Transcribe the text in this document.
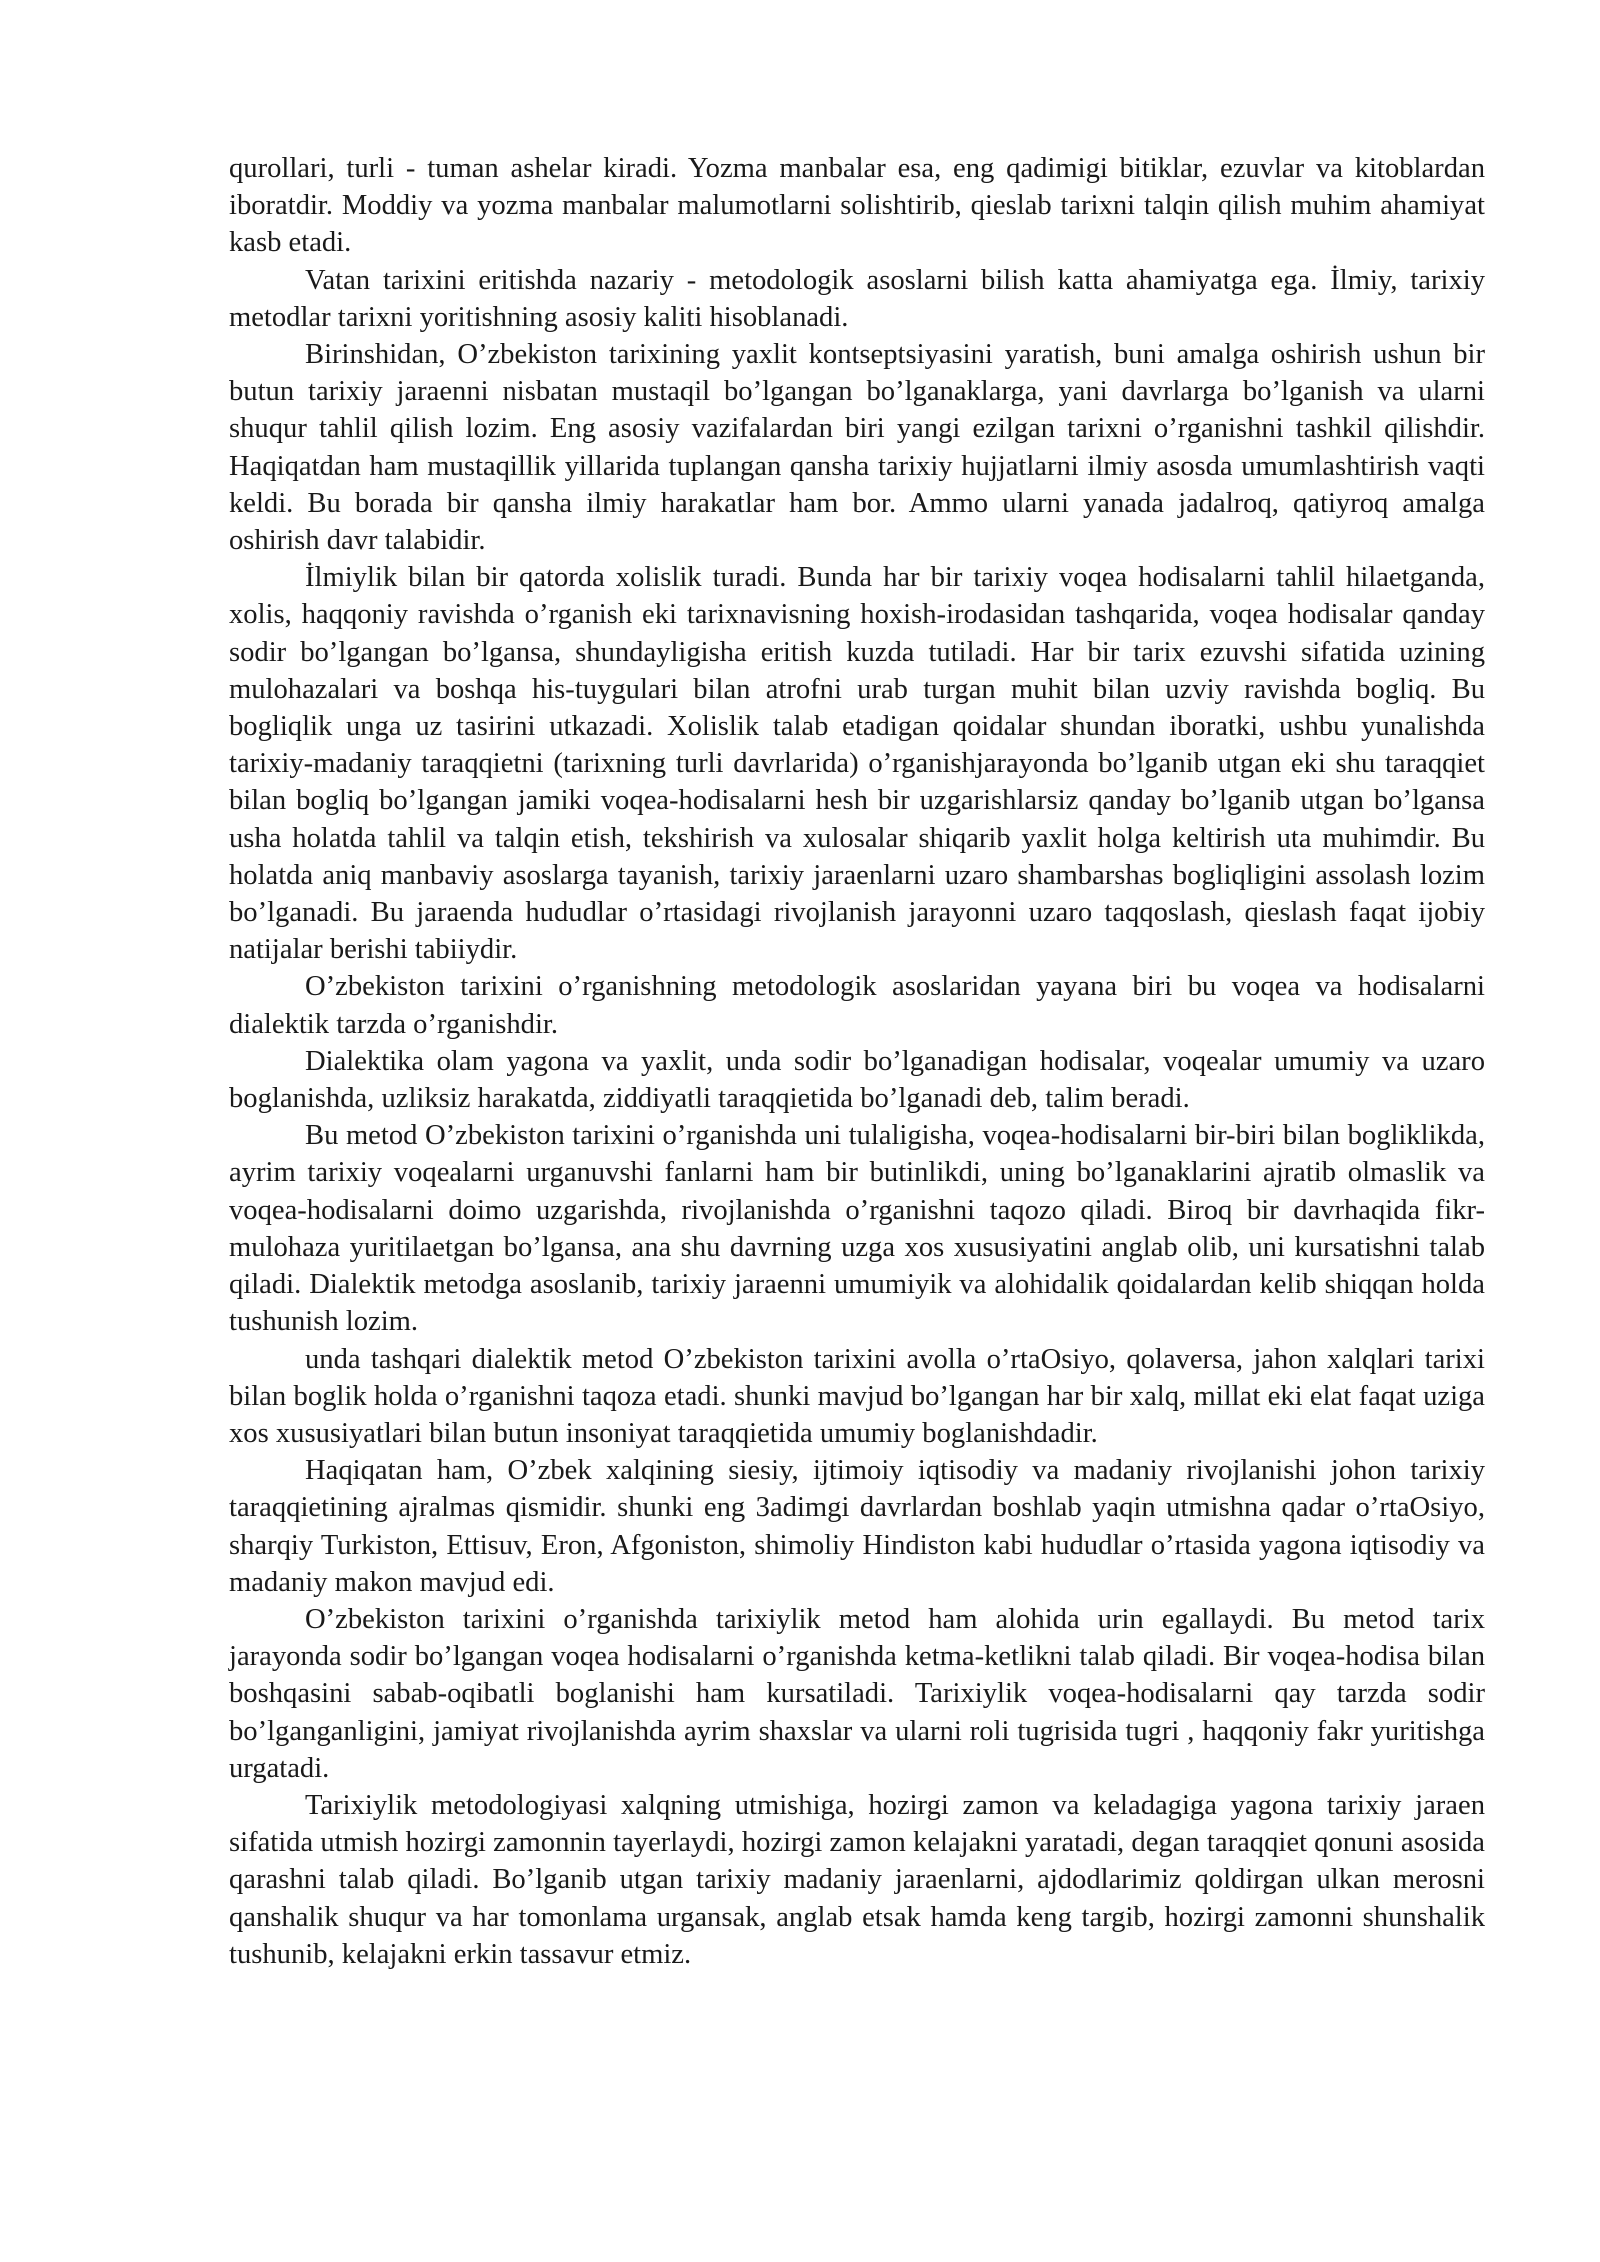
qurollari, turli - tuman ashelar kiradi. Yozma manbalar esa, eng qadimigi bitiklar, ezuvlar va kitoblardan iboratdir. Moddiy va yozma manbalar malumotlarni solishtirib, qieslab tarixni talqin qilish muhim ahamiyat kasb etadi.

Vatan tarixini eritishda nazariy - metodologik asoslarni bilish katta ahamiyatga ega. İlmiy, tarixiy metodlar tarixni yoritishning asosiy kaliti hisoblanadi.

Birinshidan, O’zbekiston tarixining yaxlit kontseptsiyasini yaratish, buni amalga oshirish ushun bir butun tarixiy jaraenni nisbatan mustaqil bo’lgangan bo’lganaklarga, yani davrlarga bo’lganish va ularni shuqur tahlil qilish lozim. Eng asosiy vazifalardan biri yangi ezilgan tarixni o’rganishni tashkil qilishdir. Haqiqatdan ham mustaqillik yillarida tuplangan qansha tarixiy hujjatlarni ilmiy asosda umumlashtirish vaqti keldi. Bu borada bir qansha ilmiy harakatlar ham bor. Ammo ularni yanada jadalroq, qatiyroq amalga oshirish davr talabidir.

İlmiylik bilan bir qatorda xolislik turadi. Bunda har bir tarixiy voqea hodisalarni tahlil hilaetganda, xolis, haqqoniy ravishda o’rganish eki tarixnavisning hoxish-irodasidan tashqarida, voqea hodisalar qanday sodir bo’lgangan bo’lgansa, shundayligisha eritish kuzda tutiladi. Har bir tarix ezuvshi sifatida uzining mulohazalari va boshqa his-tuygulari bilan atrofni urab turgan muhit bilan uzviy ravishda bogliq. Bu bogliqlik unga uz tasirini utkazadi. Xolislik talab etadigan qoidalar shundan iboratki, ushbu yunalishda tarixiy-madaniy taraqqietni (tarixning turli davrlarida) o’rganishjarayonda bo’lganib utgan eki shu taraqqiet bilan bogliq bo’lgangan jamiki voqea-hodisalarni hesh bir uzgarishlarsiz qanday bo’lganib utgan bo’lgansa usha holatda tahlil va talqin etish, tekshirish va xulosalar shiqarib yaxlit holga keltirish uta muhimdir. Bu holatda aniq manbaviy asoslarga tayanish, tarixiy jaraenlarni uzaro shambarshas bogliqligini assolash lozim bo’lganadi. Bu jaraenda hududlar o’rtasidagi rivojlanish jarayonni uzaro taqqoslash, qieslash faqat ijobiy natijalar berishi tabiiydir.

O’zbekiston tarixini o’rganishning metodologik asoslaridan yayana biri bu voqea va hodisalarni dialektik tarzda o’rganishdir.

Dialektika olam yagona va yaxlit, unda sodir bo’lganadigan hodisalar, voqealar umumiy va uzaro boglanishda, uzliksiz harakatda, ziddiyatli taraqqietida bo’lganadi deb, talim beradi.

Bu metod O’zbekiston tarixini o’rganishda uni tulaligisha, voqea-hodisalarni bir-biri bilan bogliklikda, ayrim tarixiy voqealarni urganuvshi fanlarni ham bir butinlikdi, uning bo’lganaklarini ajratib olmaslik va voqea-hodisalarni doimo uzgarishda, rivojlanishda o’rganishni taqozo qiladi. Biroq bir davrhaqida fikr-mulohaza yuritilaetgan bo’lgansa, ana shu davrning uzga xos xususiyatini anglab olib, uni kursatishni talab qiladi. Dialektik metodga asoslanib, tarixiy jaraenni umumiyik va alohidalik qoidalardan kelib shiqqan holda tushunish lozim.

unda tashqari dialektik metod O’zbekiston tarixini avolla o’rtaOsiyo, qolaversa, jahon xalqlari tarixi bilan boglik holda o’rganishni taqoza etadi. shunki mavjud bo’lgangan har bir xalq, millat eki elat faqat uziga xos xususiyatlari bilan butun insoniyat taraqqietida umumiy boglanishdadir.

Haqiqatan ham, O’zbek xalqining siesiy, ijtimoiy iqtisodiy va madaniy rivojlanishi johon tarixiy taraqqietining ajralmas qismidir. shunki eng 3adimgi davrlardan boshlab yaqin utmishna qadar o’rtaOsiyo, sharqiy Turkiston, Ettisuv, Eron, Afgoniston, shimoliy Hindiston kabi hududlar o’rtasida yagona iqtisodiy va madaniy makon mavjud edi.

O’zbekiston tarixini o’rganishda tarixiylik metod ham alohida urin egallaydi. Bu metod tarix jarayonda sodir bo’lgangan voqea hodisalarni o’rganishda ketma-ketlikni talab qiladi. Bir voqea-hodisa bilan boshqasini sabab-oqibatli boglanishi ham kursatiladi. Tarixiylik voqea-hodisalarni qay tarzda sodir bo’lganganligini, jamiyat rivojlanishda ayrim shaxslar va ularni roli tugrisida tugri , haqqoniy fakr yuritishga urgatadi.

Tarixiylik metodologiyasi xalqning utmishiga, hozirgi zamon va keladagiga yagona tarixiy jaraen sifatida utmish hozirgi zamonnin tayerlaydi, hozirgi zamon kelajakni yaratadi, degan taraqqiet qonuni asosida qarashni talab qiladi. Bo’lganib utgan tarixiy madaniy jaraenlarni, ajdodlarimiz qoldirgan ulkan merosni qanshalik shuqur va har tomonlama urgansak, anglab etsak hamda keng targib, hozirgi zamonni shunshalik tushunib, kelajakni erkin tassavur etmiz.
